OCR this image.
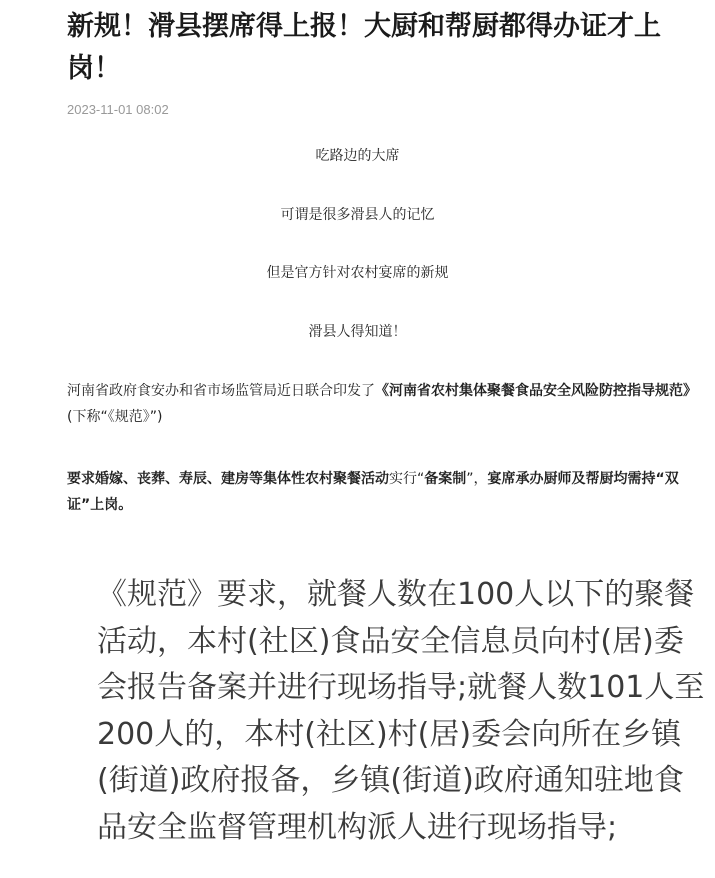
新规！滑县摆席得上报！大厨和帮厨都得办证才上岗！
2023-11-01 08:02

吃路边的大席

可谓是很多滑县人的记忆

但是官方针对农村宴席的新规

滑县人得知道！

河南省政府食安办和省市场监管局近日联合印发了《河南省农村集体聚餐食品安全风险防控指导规范》(下称“《规范》”)

要求婚嫁、丧葬、寿辰、建房等集体性农村聚餐活动实行“备案制”，宴席承办厨师及帮厨均需持“双证”上岗。

《规范》要求，就餐人数在100人以下的聚餐活动，本村(社区)食品安全信息员向村(居)委会报告备案并进行现场指导;就餐人数101人至200人的，本村(社区)村(居)委会向所在乡镇(街道)政府报备，乡镇(街道)政府通知驻地食品安全监督管理机构派人进行现场指导;
